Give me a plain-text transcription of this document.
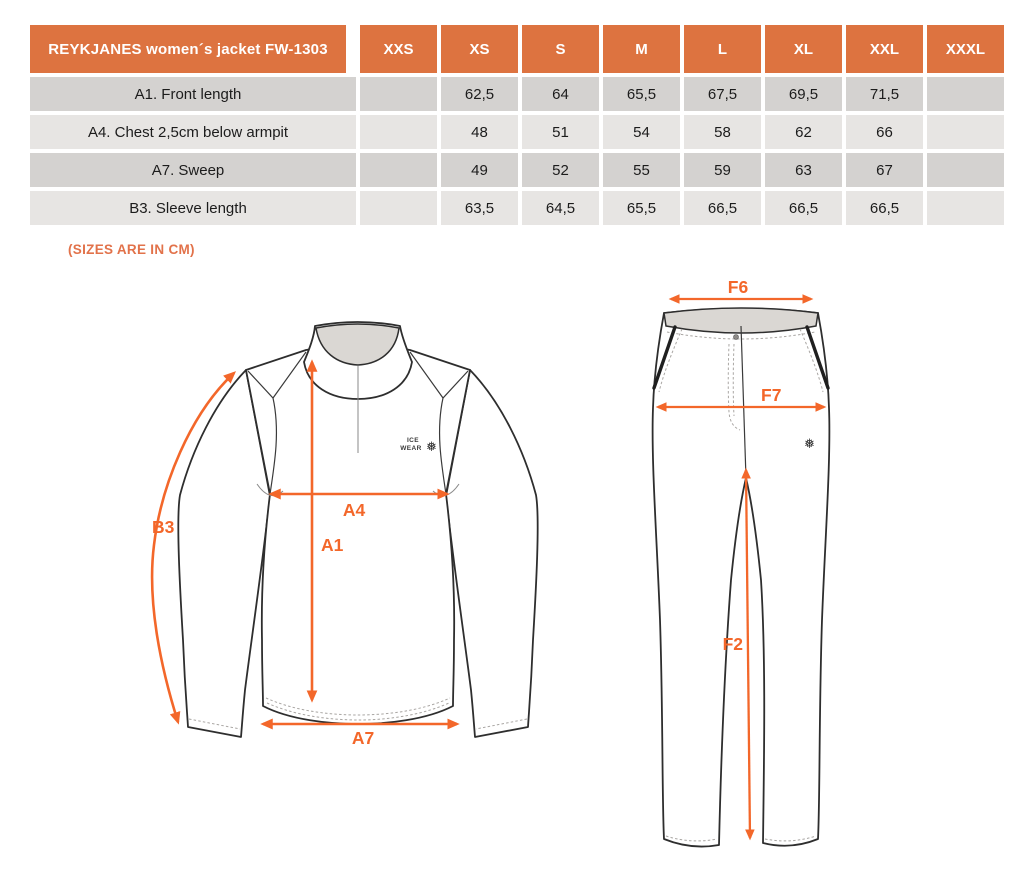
REYKJANES women´s jacket FW-1303	XXS	XS	S	M	L	XL	XXL	XXXL
A1. Front length		62,5	64	65,5	67,5	69,5	71,5	
A4. Chest 2,5cm below armpit		48	51	54	58	62	66	
A7. Sweep		49	52	55	59	63	67	
B3. Sleeve length		63,5	64,5	65,5	66,5	66,5	66,5	
(SIZES ARE IN CM)
ICE
WEAR ❅
B3
A4
A1
A7
❅
F6
F7
F2
